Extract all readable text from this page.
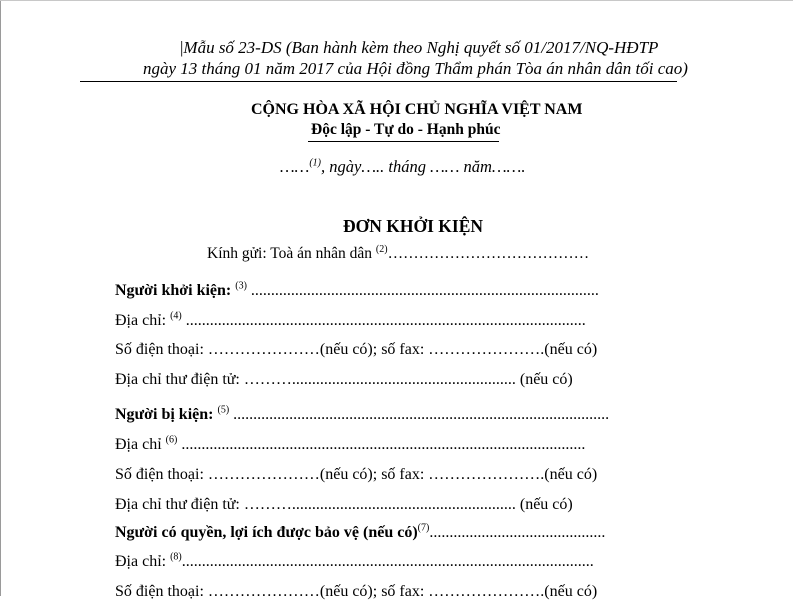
|Mẫu số 23-DS (Ban hành kèm theo Nghị quyết số 01/2017/NQ-HĐTP
ngày 13 tháng 01 năm 2017 của Hội đồng Thẩm phán Tòa án nhân dân tối cao)
CỘNG HÒA XÃ HỘI CHỦ NGHĨA VIỆT NAM
Độc lập - Tự do - Hạnh phúc
……$^{(1)}$, ngày….. tháng …… năm…….
ĐƠN KHỞI KIỆN
Kính gửi: Toà án nhân dân $^{(2)}$…………………………………
Người khởi kiện: $^{(3)}$ .......................................................................................
Địa chỉ: $^{(4)}$ ....................................................................................................
Số điện thoại: …………………(nếu có); số fax: ………………….(nếu có)
Địa chỉ thư điện tử: ………........................................................ (nếu có)
Người bị kiện: $^{(5)}$ ..............................................................................................
Địa chỉ $^{(6)}$ .....................................................................................................
Số điện thoại: …………………(nếu có); số fax: ………………….(nếu có)
Địa chỉ thư điện tử: ………........................................................ (nếu có)
Người có quyền, lợi ích được bảo vệ (nếu có)$^{(7)}$............................................
Địa chỉ: $^{(8)}$.......................................................................................................
Số điện thoại: …………………(nếu có); số fax: ………………….(nếu có)
